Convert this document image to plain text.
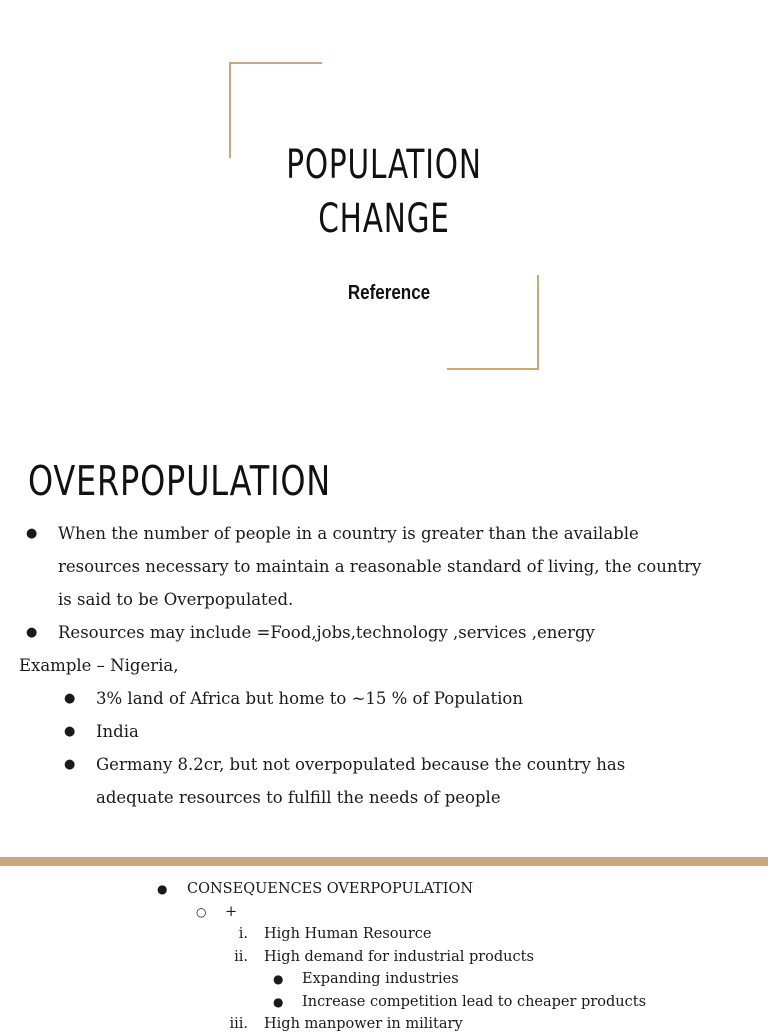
POPULATION
CHANGE
Reference
OVERPOPULATION
● When the number of people in a country is greater than the available resources necessary to maintain a reasonable standard of living, the country is said to be Overpopulated.
● Resources may include =Food,jobs,technology ,services ,energy
Example – Nigeria,
● 3% land of Africa but home to ~15 % of Population
● India
● Germany 8.2cr, but not overpopulated because the country has adequate resources to fulfill the needs of people
● CONSEQUENCES OVERPOPULATION
○ +
i. High Human Resource
ii. High demand for industrial products
● Expanding industries
● Increase competition lead to cheaper products
iii. High manpower in military
